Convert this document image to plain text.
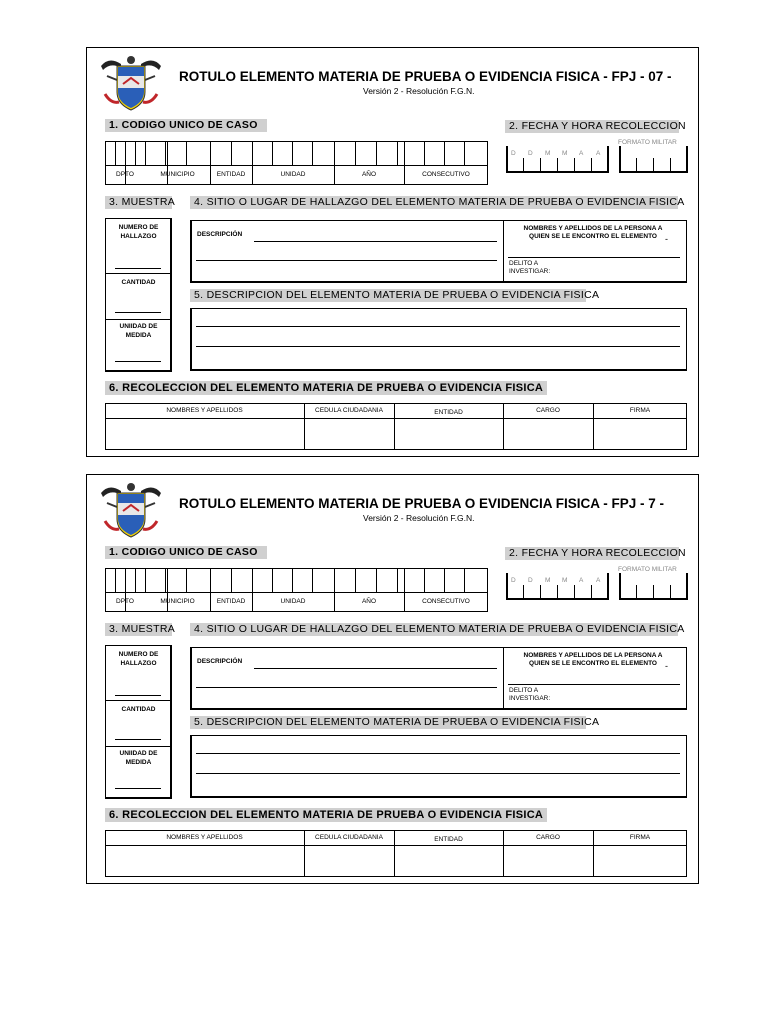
ROTULO ELEMENTO MATERIA DE PRUEBA O EVIDENCIA FISICA - FPJ - 07 -
Versión 2 - Resolución F.G.N.
1. CODIGO UNICO DE CASO
DPTO	MUNICIPIO	ENTIDAD	UNIDAD	AÑO	CONSECUTIVO
2. FECHA Y HORA RECOLECCION
FORMATO MILITAR
D D M M A A
3. MUESTRA
NUMERO DE
HALLAZGO
CANTIDAD
UNIIDAD DE
MEDIDA
4. SITIO O LUGAR DE HALLAZGO DEL ELEMENTO MATERIA DE PRUEBA O EVIDENCIA FISICA
DESCRIPCIÓN
NOMBRES Y APELLIDOS DE LA PERSONA A
QUIEN SE LE ENCONTRO EL ELEMENTO -
DELITO A
INVESTIGAR:
5. DESCRIPCION DEL ELEMENTO MATERIA DE PRUEBA O EVIDENCIA FISICA
6. RECOLECCION DEL ELEMENTO MATERIA DE PRUEBA O EVIDENCIA FISICA
NOMBRES Y APELLIDOS	CEDULA CIUDADANIA	ENTIDAD	CARGO	FIRMA
ROTULO ELEMENTO MATERIA DE PRUEBA O EVIDENCIA FISICA - FPJ - 7 -
Versión 2 - Resolución F.G.N.
1. CODIGO UNICO DE CASO
DPTO	MUNICIPIO	ENTIDAD	UNIDAD	AÑO	CONSECUTIVO
2. FECHA Y HORA RECOLECCION
FORMATO MILITAR
D D M M A A
3. MUESTRA
NUMERO DE
HALLAZGO
CANTIDAD
UNIIDAD DE
MEDIDA
4. SITIO O LUGAR DE HALLAZGO DEL ELEMENTO MATERIA DE PRUEBA O EVIDENCIA FISICA
DESCRIPCIÓN
NOMBRES Y APELLIDOS DE LA PERSONA A
QUIEN SE LE ENCONTRO EL ELEMENTO -
DELITO A
INVESTIGAR:
5. DESCRIPCION DEL ELEMENTO MATERIA DE PRUEBA O EVIDENCIA FISICA
6. RECOLECCION DEL ELEMENTO MATERIA DE PRUEBA O EVIDENCIA FISICA
NOMBRES Y APELLIDOS	CEDULA CIUDADANIA	ENTIDAD	CARGO	FIRMA
